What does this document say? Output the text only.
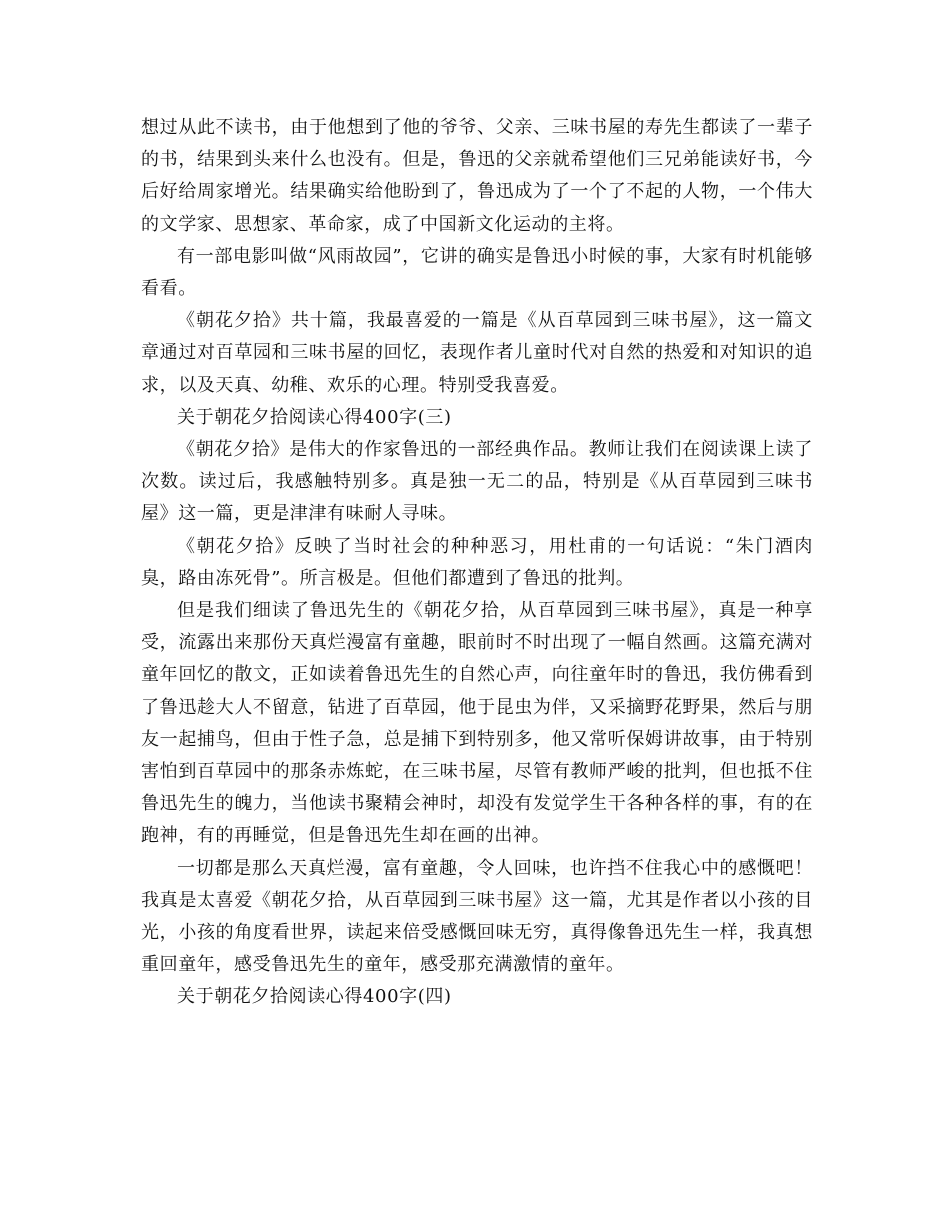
想过从此不读书，由于他想到了他的爷爷、父亲、三味书屋的寿先生都读了一辈子的书，结果到头来什么也没有。但是，鲁迅的父亲就希望他们三兄弟能读好书，今后好给周家增光。结果确实给他盼到了，鲁迅成为了一个了不起的人物，一个伟大的文学家、思想家、革命家，成了中国新文化运动的主将。

有一部电影叫做“风雨故园”，它讲的确实是鲁迅小时候的事，大家有时机能够看看。

《朝花夕拾》共十篇，我最喜爱的一篇是《从百草园到三味书屋》，这一篇文章通过对百草园和三味书屋的回忆，表现作者儿童时代对自然的热爱和对知识的追求，以及天真、幼稚、欢乐的心理。特别受我喜爱。

关于朝花夕拾阅读心得400字(三)

《朝花夕拾》是伟大的作家鲁迅的一部经典作品。教师让我们在阅读课上读了次数。读过后，我感触特别多。真是独一无二的品，特别是《从百草园到三味书屋》这一篇，更是津津有味耐人寻味。

《朝花夕拾》反映了当时社会的种种恶习，用杜甫的一句话说：“朱门酒肉臭，路由冻死骨”。所言极是。但他们都遭到了鲁迅的批判。

但是我们细读了鲁迅先生的《朝花夕拾，从百草园到三味书屋》，真是一种享受，流露出来那份天真烂漫富有童趣，眼前时不时出现了一幅自然画。这篇充满对童年回忆的散文，正如读着鲁迅先生的自然心声，向往童年时的鲁迅，我仿佛看到了鲁迅趁大人不留意，钻进了百草园，他于昆虫为伴，又采摘野花野果，然后与朋友一起捕鸟，但由于性子急，总是捕下到特别多，他又常听保姆讲故事，由于特别害怕到百草园中的那条赤炼蛇，在三味书屋，尽管有教师严峻的批判，但也抵不住鲁迅先生的魄力，当他读书聚精会神时，却没有发觉学生干各种各样的事，有的在跑神，有的再睡觉，但是鲁迅先生却在画的出神。

一切都是那么天真烂漫，富有童趣，令人回味，也许挡不住我心中的感慨吧！我真是太喜爱《朝花夕拾，从百草园到三味书屋》这一篇，尤其是作者以小孩的目光，小孩的角度看世界，读起来倍受感慨回味无穷，真得像鲁迅先生一样，我真想重回童年，感受鲁迅先生的童年，感受那充满激情的童年。

关于朝花夕拾阅读心得400字(四)
